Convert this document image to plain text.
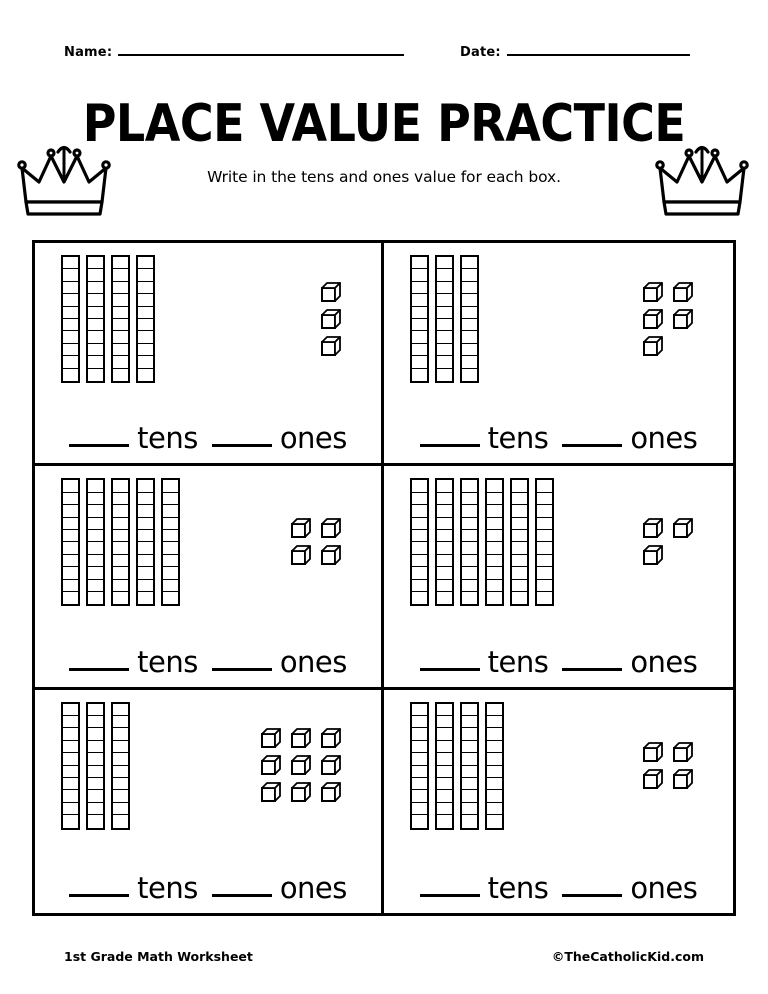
Name:	Date:
PLACE VALUE PRACTICE
Write in the tens and ones value for each box.
tens	ones	tens	ones
tens	ones	tens	ones
tens	ones	tens	ones
1st Grade Math Worksheet	©TheCatholicKid.com
